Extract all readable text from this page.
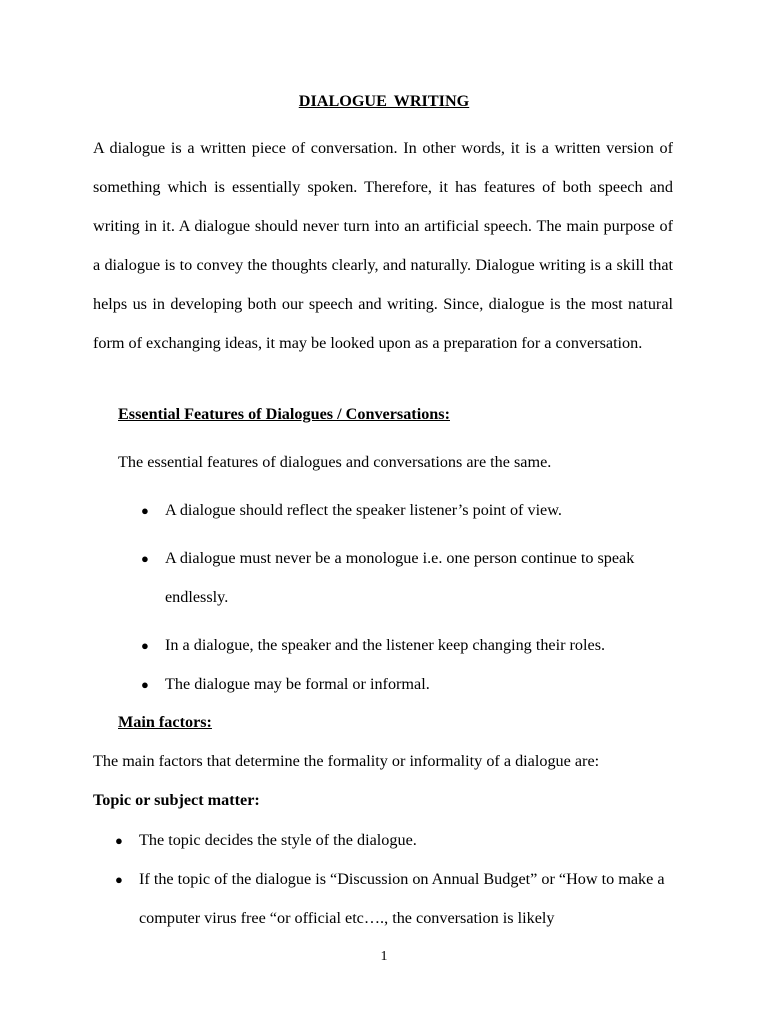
DIALOGUE WRITING

A dialogue is a written piece of conversation. In other words, it is a written version of something which is essentially spoken. Therefore, it has features of both speech and writing in it. A dialogue should never turn into an artificial speech. The main purpose of a dialogue is to convey the thoughts clearly, and naturally. Dialogue writing is a skill that helps us in developing both our speech and writing. Since, dialogue is the most natural form of exchanging ideas, it may be looked upon as a preparation for a conversation.

Essential Features of Dialogues / Conversations:
The essential features of dialogues and conversations are the same.
● A dialogue should reflect the speaker listener’s point of view.
● A dialogue must never be a monologue i.e. one person continue to speak endlessly.
● In a dialogue, the speaker and the listener keep changing their roles.
● The dialogue may be formal or informal.
Main factors:
The main factors that determine the formality or informality of a dialogue are:
Topic or subject matter:
● The topic decides the style of the dialogue.
● If the topic of the dialogue is “Discussion on Annual Budget” or “How to make a computer virus free “or official etc…., the conversation is likely
1
